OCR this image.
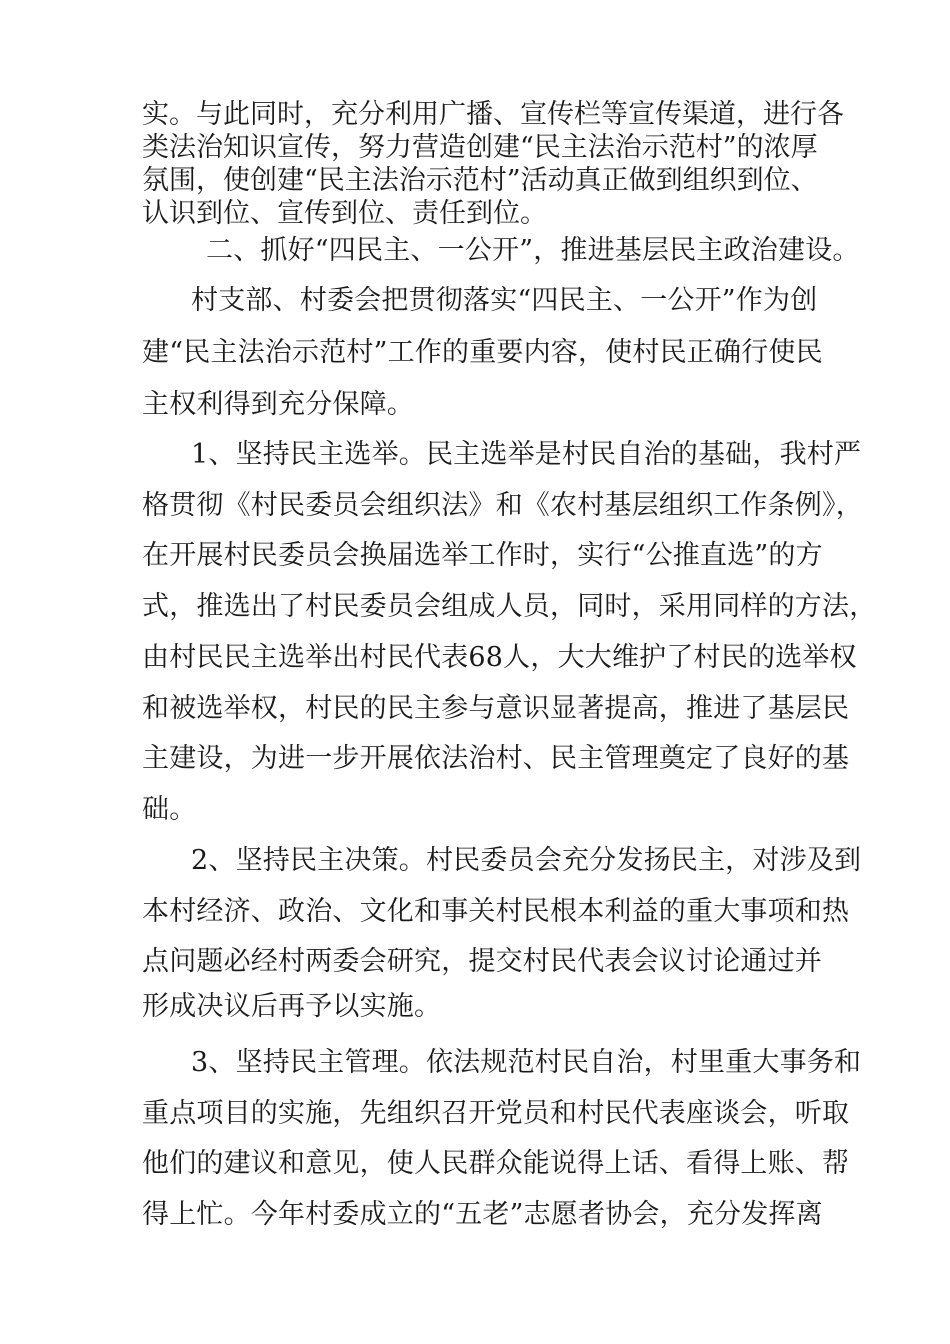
实。与此同时，充分利用广播、宣传栏等宣传渠道，进行各
类法治知识宣传，努力营造创建“民主法治示范村”的浓厚
氛围，使创建“民主法治示范村”活动真正做到组织到位、
认识到位、宣传到位、责任到位。
二、抓好“四民主、一公开”，推进基层民主政治建设。
村支部、村委会把贯彻落实“四民主、一公开”作为创
建“民主法治示范村”工作的重要内容，使村民正确行使民
主权利得到充分保障。
1、坚持民主选举。民主选举是村民自治的基础，我村严
格贯彻《村民委员会组织法》和《农村基层组织工作条例》，
在开展村民委员会换届选举工作时，实行“公推直选”的方
式，推选出了村民委员会组成人员，同时，采用同样的方法，
由村民民主选举出村民代表68人，大大维护了村民的选举权
和被选举权，村民的民主参与意识显著提高，推进了基层民
主建设，为进一步开展依法治村、民主管理奠定了良好的基
础。
2、坚持民主决策。村民委员会充分发扬民主，对涉及到
本村经济、政治、文化和事关村民根本利益的重大事项和热
点问题必经村两委会研究，提交村民代表会议讨论通过并
形成决议后再予以实施。
3、坚持民主管理。依法规范村民自治，村里重大事务和
重点项目的实施，先组织召开党员和村民代表座谈会，听取
他们的建议和意见，使人民群众能说得上话、看得上账、帮
得上忙。今年村委成立的“五老”志愿者协会，充分发挥离
